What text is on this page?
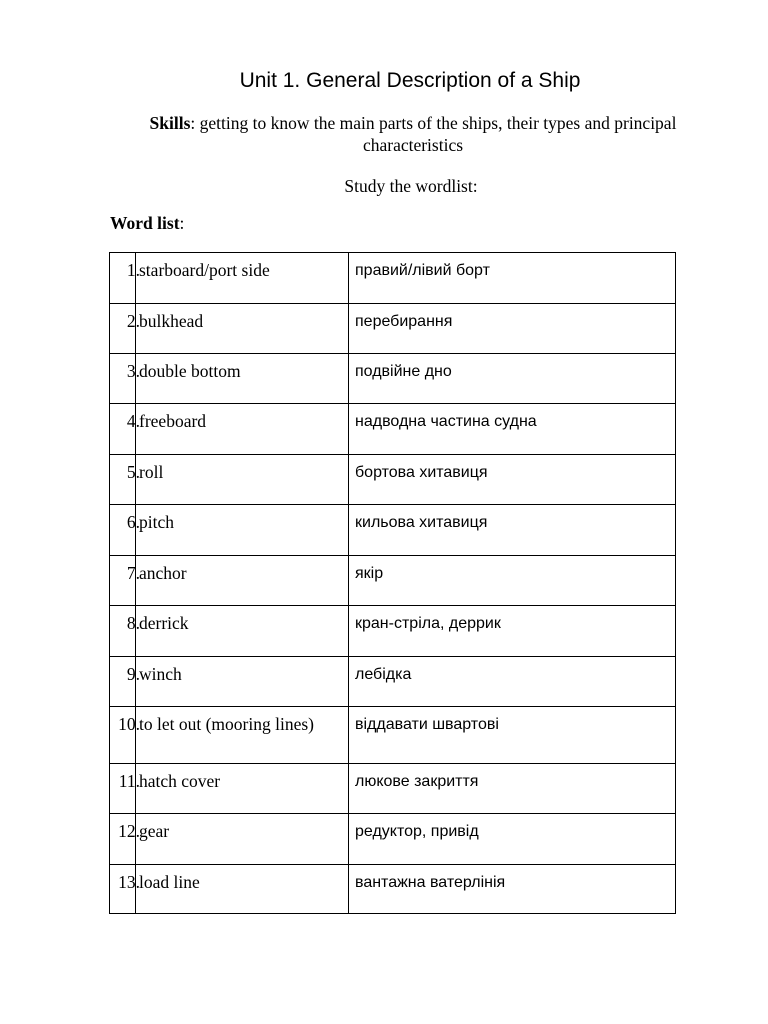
Unit 1. General Description of a Ship
Skills: getting to know the main parts of the ships, their types and principal characteristics
Study the wordlist:
Word list:
1. starboard/port side	правий/лівий борт
2. bulkhead	перебирання
3. double bottom	подвійне дно
4. freeboard	надводна частина судна
5. roll	бортова хитавиця
6. pitch	кильова хитавиця
7. anchor	якір
8. derrick	кран-стріла, деррик
9. winch	лебідка
10. to let out (mooring lines)	віддавати швартові
11. hatch cover	люкове закриття
12. gear	редуктор, привід
13. load line	вантажна ватерлінія
